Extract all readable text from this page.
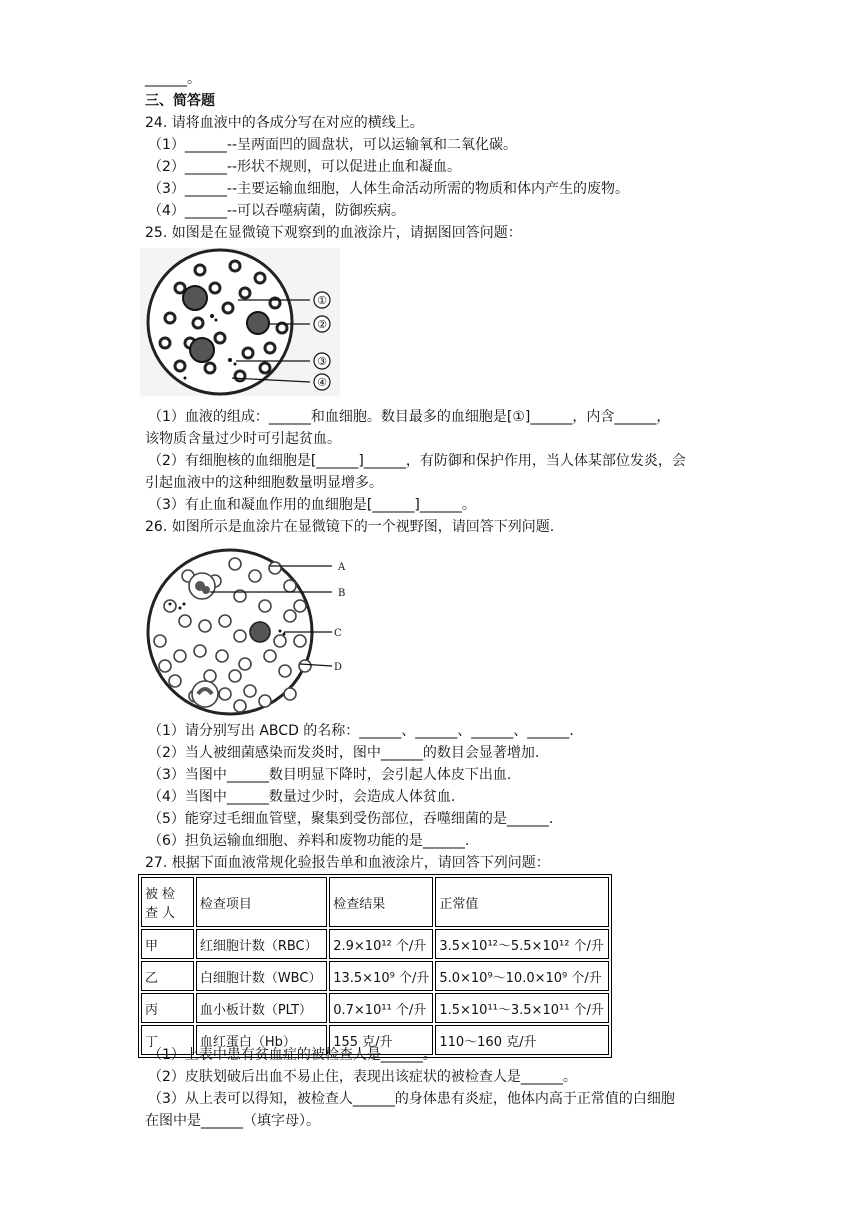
______。
三、简答题
24. 请将血液中的各成分写在对应的横线上。
（1）______--呈两面凹的圆盘状，可以运输氧和二氧化碳。
（2）______--形状不规则，可以促进止血和凝血。
（3）______--主要运输血细胞，人体生命活动所需的物质和体内产生的废物。
（4）______--可以吞噬病菌，防御疾病。
25. 如图是在显微镜下观察到的血液涂片，请据图回答问题：
①
②
③
④
（1）血液的组成：______和血细胞。数目最多的血细胞是[①]______，内含______，
该物质含量过少时可引起贫血。
（2）有细胞核的血细胞是[______]______，有防御和保护作用，当人体某部位发炎，会
引起血液中的这种细胞数量明显增多。
（3）有止血和凝血作用的血细胞是[______]______。
26. 如图所示是血涂片在显微镜下的一个视野图，请回答下列问题.
A
B
C
D
（1）请分别写出 ABCD 的名称：______、______、______、______.
（2）当人被细菌感染而发炎时，图中______的数目会显著增加.
（3）当图中______数目明显下降时，会引起人体皮下出血.
（4）当图中______数量过少时，会造成人体贫血.
（5）能穿过毛细血管壁，聚集到受伤部位，吞噬细菌的是______.
（6）担负运输血细胞、养料和废物功能的是______.
27. 根据下面血液常规化验报告单和血液涂片，请回答下列问题：
被检查人	检查项目	检查结果	正常值
甲	红细胞计数（RBC）	2.9×10¹² 个/升	3.5×10¹²～5.5×10¹² 个/升
乙	白细胞计数（WBC）	13.5×10⁹ 个/升	5.0×10⁹～10.0×10⁹ 个/升
丙	血小板计数（PLT）	0.7×10¹¹ 个/升	1.5×10¹¹～3.5×10¹¹ 个/升
丁	血红蛋白（Hb）	155 克/升	110～160 克/升
（1）上表中患有贫血症的被检查人是______。
（2）皮肤划破后出血不易止住，表现出该症状的被检查人是______。
（3）从上表可以得知，被检查人______的身体患有炎症，他体内高于正常值的白细胞
在图中是______（填字母）。
